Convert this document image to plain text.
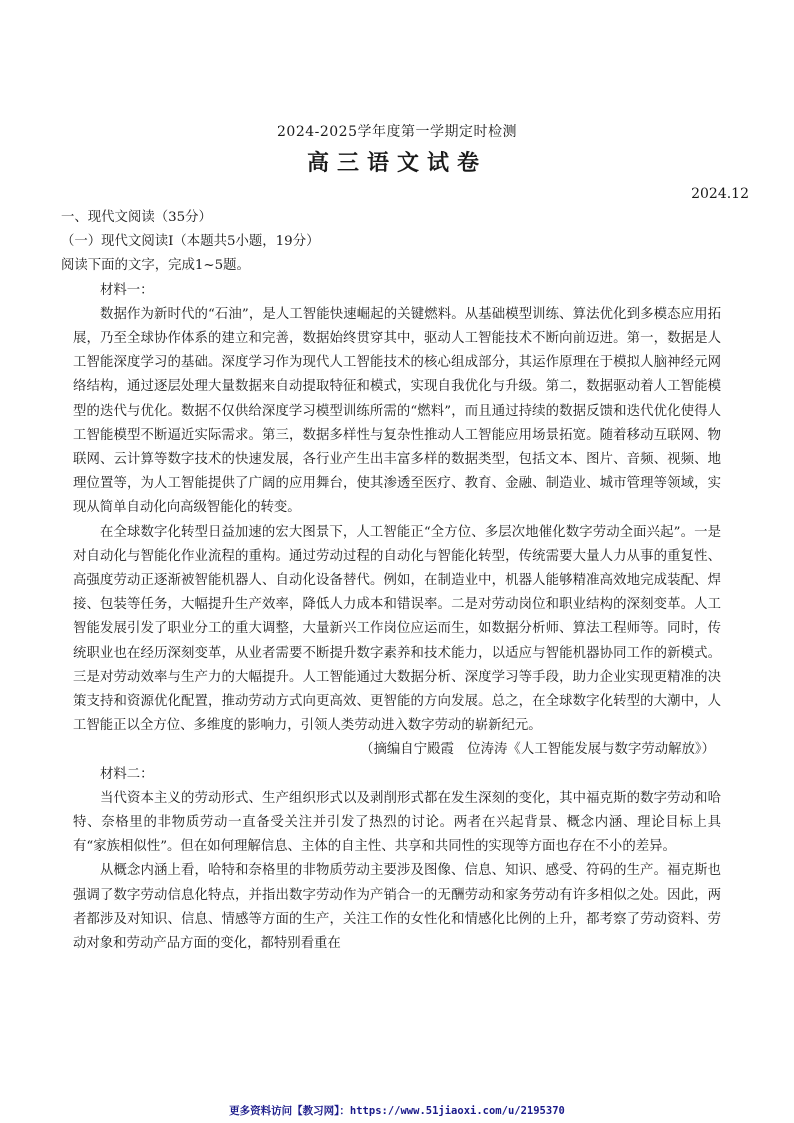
2024-2025学年度第一学期定时检测
高三语文试卷
2024.12

一、现代文阅读（35分）

（一）现代文阅读Ⅰ（本题共5小题，19分）

阅读下面的文字，完成1~5题。

材料一：

数据作为新时代的“石油”，是人工智能快速崛起的关键燃料。从基础模型训练、算法优化到多模态应用拓展，乃至全球协作体系的建立和完善，数据始终贯穿其中，驱动人工智能技术不断向前迈进。第一，数据是人工智能深度学习的基础。深度学习作为现代人工智能技术的核心组成部分，其运作原理在于模拟人脑神经元网络结构，通过逐层处理大量数据来自动提取特征和模式，实现自我优化与升级。第二，数据驱动着人工智能模型的迭代与优化。数据不仅供给深度学习模型训练所需的“燃料”，而且通过持续的数据反馈和迭代优化使得人工智能模型不断逼近实际需求。第三，数据多样性与复杂性推动人工智能应用场景拓宽。随着移动互联网、物联网、云计算等数字技术的快速发展，各行业产生出丰富多样的数据类型，包括文本、图片、音频、视频、地理位置等，为人工智能提供了广阔的应用舞台，使其渗透至医疗、教育、金融、制造业、城市管理等领域，实现从简单自动化向高级智能化的转变。

在全球数字化转型日益加速的宏大图景下，人工智能正“全方位、多层次地催化数字劳动全面兴起”。一是对自动化与智能化作业流程的重构。通过劳动过程的自动化与智能化转型，传统需要大量人力从事的重复性、高强度劳动正逐渐被智能机器人、自动化设备替代。例如，在制造业中，机器人能够精准高效地完成装配、焊接、包装等任务，大幅提升生产效率，降低人力成本和错误率。二是对劳动岗位和职业结构的深刻变革。人工智能发展引发了职业分工的重大调整，大量新兴工作岗位应运而生，如数据分析师、算法工程师等。同时，传统职业也在经历深刻变革，从业者需要不断提升数字素养和技术能力，以适应与智能机器协同工作的新模式。三是对劳动效率与生产力的大幅提升。人工智能通过大数据分析、深度学习等手段，助力企业实现更精准的决策支持和资源优化配置，推动劳动方式向更高效、更智能的方向发展。总之，在全球数字化转型的大潮中，人工智能正以全方位、多维度的影响力，引领人类劳动进入数字劳动的崭新纪元。

（摘编自宁殿霞　位涛涛《人工智能发展与数字劳动解放》）

材料二：

当代资本主义的劳动形式、生产组织形式以及剥削形式都在发生深刻的变化，其中福克斯的数字劳动和哈特、奈格里的非物质劳动一直备受关注并引发了热烈的讨论。两者在兴起背景、概念内涵、理论目标上具有“家族相似性”。但在如何理解信息、主体的自主性、共享和共同性的实现等方面也存在不小的差异。

从概念内涵上看，哈特和奈格里的非物质劳动主要涉及图像、信息、知识、感受、符码的生产。福克斯也强调了数字劳动信息化特点，并指出数字劳动作为产销合一的无酬劳动和家务劳动有许多相似之处。因此，两者都涉及对知识、信息、情感等方面的生产，关注工作的女性化和情感化比例的上升，都考察了劳动资料、劳动对象和劳动产品方面的变化，都特别看重在

更多资料访问【教习网】：https://www.51jiaoxi.com/u/2195370
